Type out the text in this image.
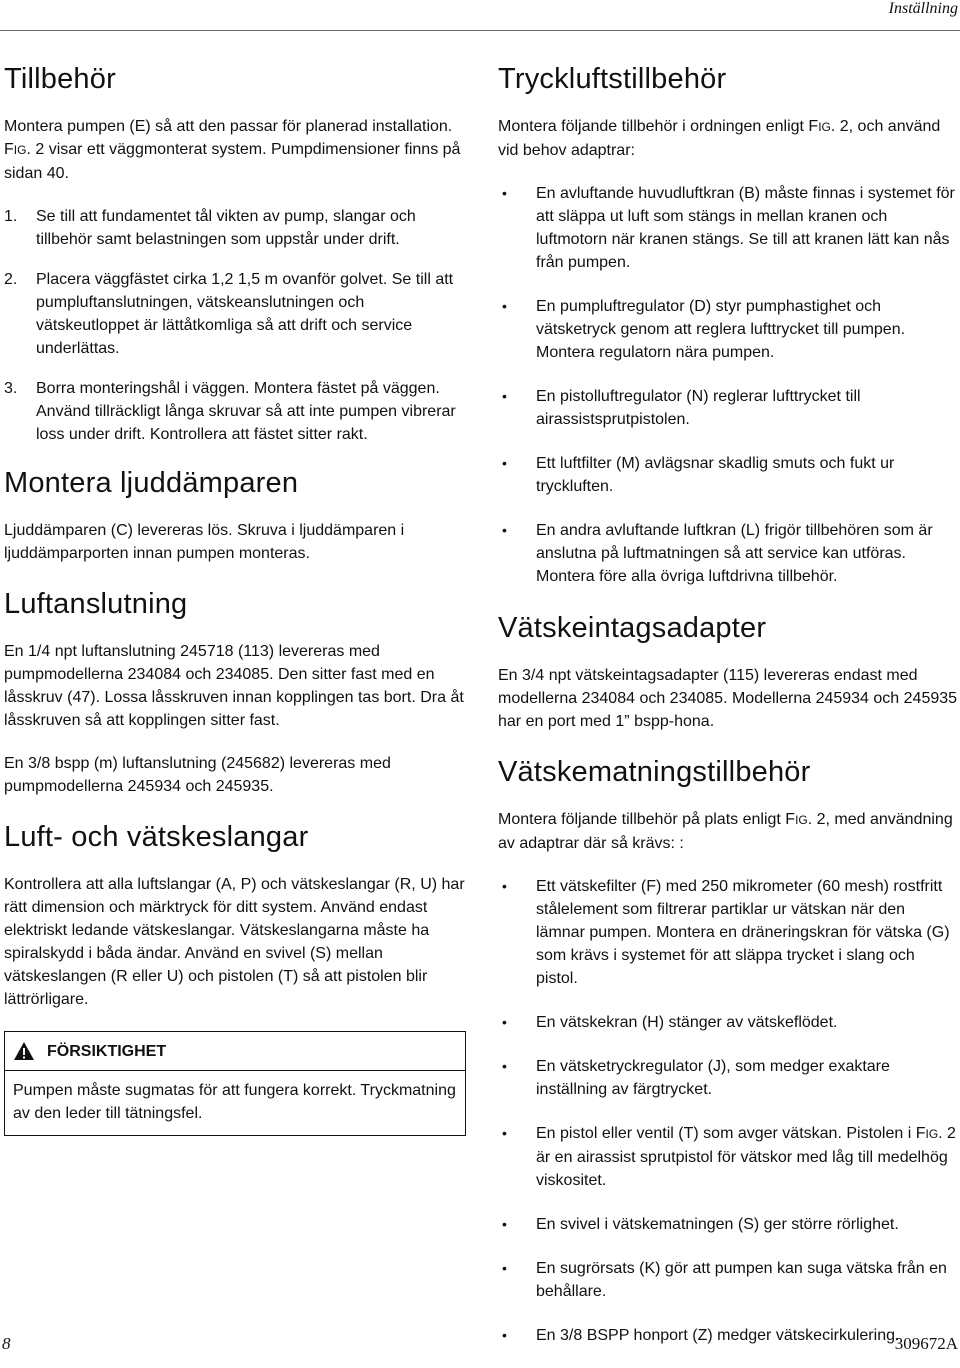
Inställning
Tillbehör

Montera pumpen (E) så att den passar för planerad installation. FIG. 2 visar ett väggmonterat system. Pumpdimensioner finns på sidan 40.

1.	Se till att fundamentet tål vikten av pump, slangar och tillbehör samt belastningen som uppstår under drift.
2.	Placera väggfästet cirka 1,2 1,5 m ovanför golvet. Se till att pumpluftanslutningen, vätskeanslutningen och vätskeutloppet är lättåtkomliga så att drift och service underlättas.
3.	Borra monteringshål i väggen. Montera fästet på väggen. Använd tillräckligt långa skruvar så att inte pumpen vibrerar loss under drift. Kontrollera att fästet sitter rakt.
Montera ljuddämparen

Ljuddämparen (C) levereras lös. Skruva i ljuddämparen i ljuddämparporten innan pumpen monteras.

Luftanslutning

En 1/4 npt luftanslutning 245718 (113) levereras med pumpmodellerna 234084 och 234085. Den sitter fast med en låsskruv (47). Lossa låsskruven innan kopplingen tas bort. Dra åt låsskruven så att kopplingen sitter fast.

En 3/8 bspp (m) luftanslutning (245682) levereras med pumpmodellerna 245934 och 245935.

Luft- och vätskeslangar

Kontrollera att alla luftslangar (A, P) och vätskeslangar (R, U) har rätt dimension och märktryck för ditt system. Använd endast elektriskt ledande vätskeslangar. Vätskeslangarna måste ha spiralskydd i båda ändar. Använd en svivel (S) mellan vätskeslangen (R eller U) och pistolen (T) så att pistolen blir lättrörligare.

FÖRSIKTIGHET
Pumpen måste sugmatas för att fungera korrekt. Tryckmatning av den leder till tätningsfel.
Tryckluftstillbehör

Montera följande tillbehör i ordningen enligt FIG. 2, och använd vid behov adaptrar:

•	En avluftande huvudluftkran (B) måste finnas i systemet för att släppa ut luft som stängs in mellan kranen och luftmotorn när kranen stängs. Se till att kranen lätt kan nås från pumpen.
•	En pumpluftregulator (D) styr pumphastighet och vätsketryck genom att reglera lufttrycket till pumpen. Montera regulatorn nära pumpen.
•	En pistolluftregulator (N) reglerar lufttrycket till airassistsprutpistolen.
•	Ett luftfilter (M) avlägsnar skadlig smuts och fukt ur tryckluften.
•	En andra avluftande luftkran (L) frigör tillbehören som är anslutna på luftmatningen så att service kan utföras. Montera före alla övriga luftdrivna tillbehör.
Vätskeintagsadapter

En 3/4 npt vätskeintagsadapter (115) levereras endast med modellerna 234084 och 234085. Modellerna 245934 och 245935 har en port med 1” bspp-hona.

Vätskematningstillbehör

Montera följande tillbehör på plats enligt FIG. 2, med användning av adaptrar där så krävs: :

•	Ett vätskefilter (F) med 250 mikrometer (60 mesh) rostfritt stålelement som filtrerar partiklar ur vätskan när den lämnar pumpen. Montera en dräneringskran för vätska (G) som krävs i systemet för att släppa trycket i slang och pistol.
•	En vätskekran (H) stänger av vätskeflödet.
•	En vätsketryckregulator (J), som medger exaktare inställning av färgtrycket.
•	En pistol eller ventil (T) som avger vätskan. Pistolen i FIG. 2 är en airassist sprutpistol för vätskor med låg till medelhög viskositet.
•	En svivel i vätskematningen (S) ger större rörlighet.
•	En sugrörsats (K) gör att pumpen kan suga vätska från en behållare.
•	En 3/8 BSPP honport (Z) medger vätskecirkulering.
8	309672A
